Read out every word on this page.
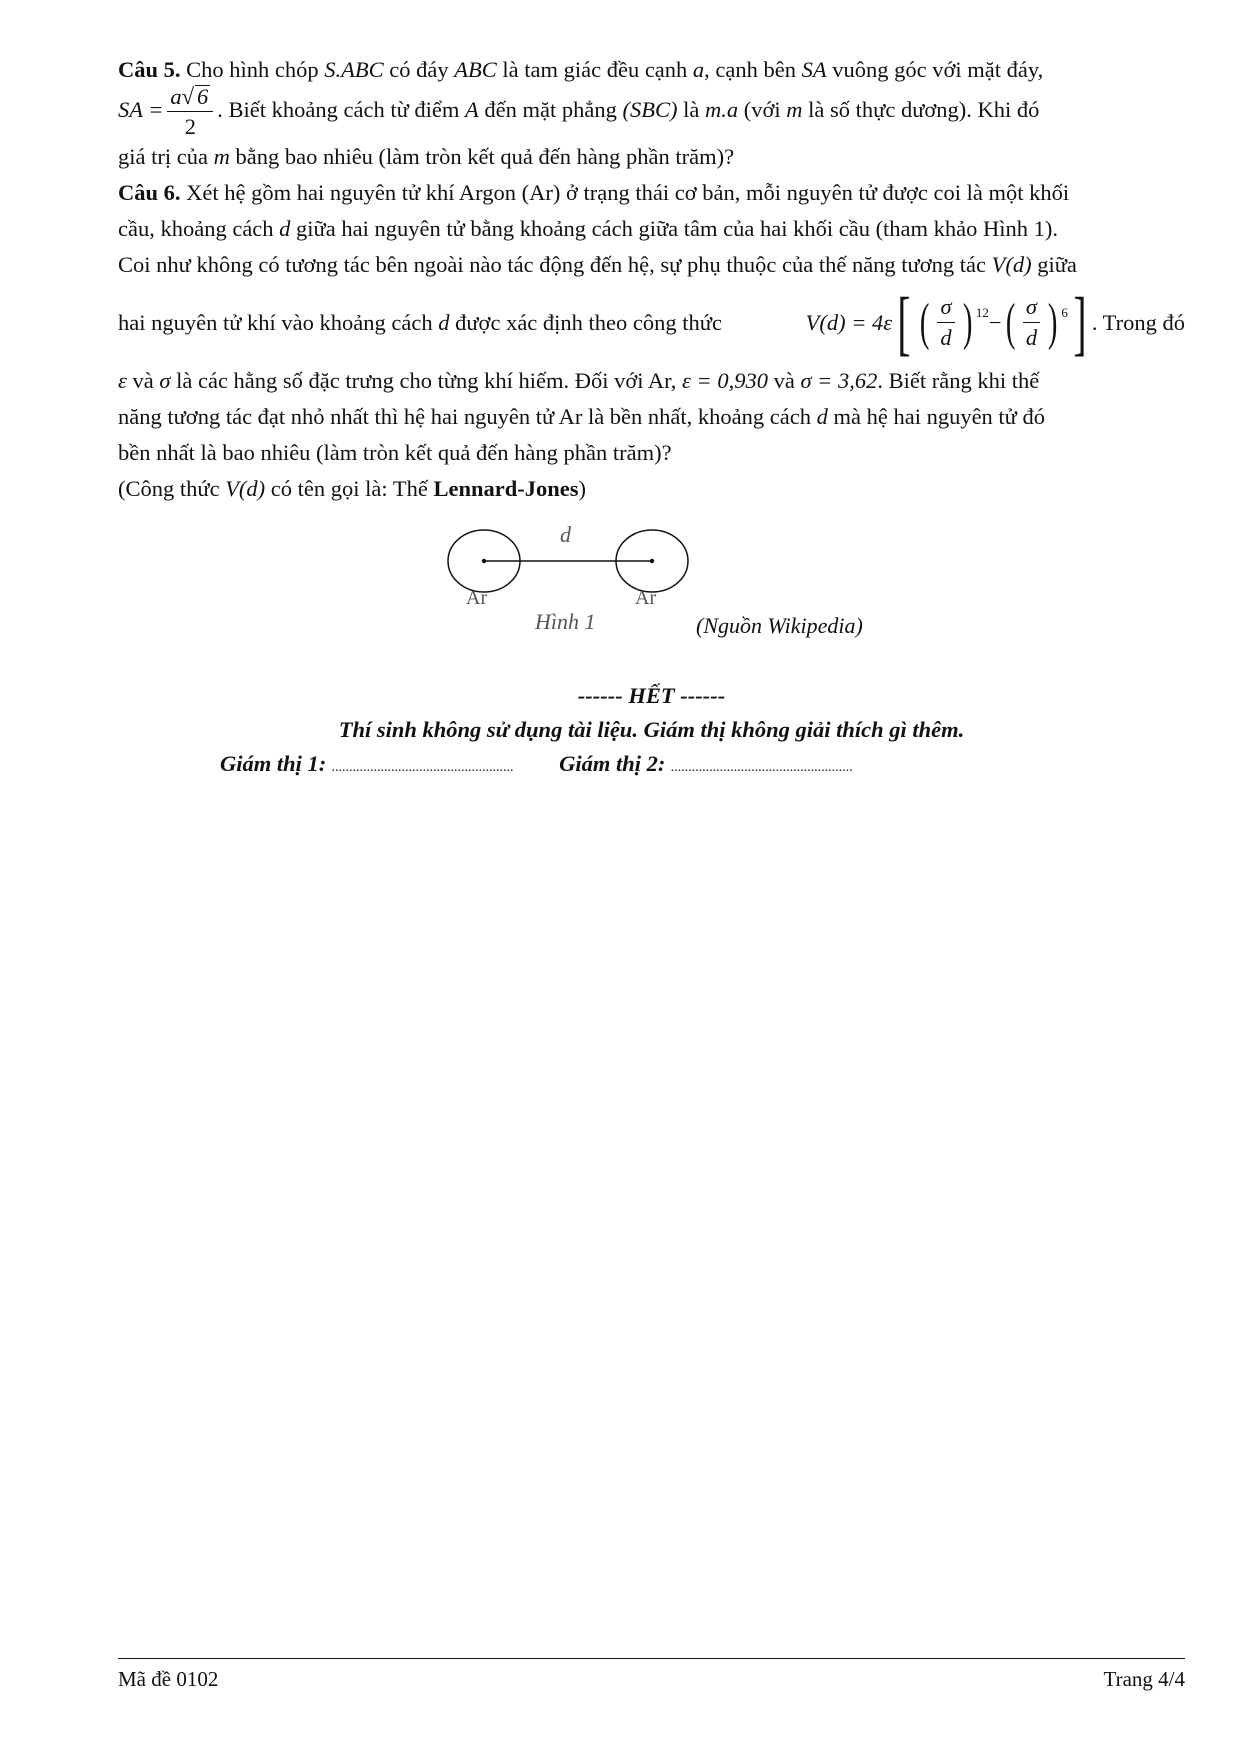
Câu 5. Cho hình chóp S.ABC có đáy ABC là tam giác đều cạnh a, cạnh bên SA vuông góc với mặt đáy,

SA = $\frac{a√ 6}{2}$ . Biết khoảng cách từ điểm A đến mặt phẳng (SBC) là m.a (với m là số thực dương). Khi đó

giá trị của m bằng bao nhiêu (làm tròn kết quả đến hàng phần trăm)?

Câu 6. Xét hệ gồm hai nguyên tử khí Argon (Ar) ở trạng thái cơ bản, mỗi nguyên tử được coi là một khối

cầu, khoảng cách d giữa hai nguyên tử bằng khoảng cách giữa tâm của hai khối cầu (tham khảo Hình 1).

Coi như không có tương tác bên ngoài nào tác động đến hệ, sự phụ thuộc của thế năng tương tác V(d) giữa

hai nguyên tử khí vào khoảng cách d được xác định theo công thức	V(d) = 4ε [ ( $\frac{\sigma}{d}$ ) $^{12}$ − ( $\frac{\sigma}{d}$ ) $^6$ ] . Trong đó

ε và σ là các hằng số đặc trưng cho từng khí hiếm. Đối với Ar, ε = 0,930 và σ = 3,62. Biết rằng khi thế

năng tương tác đạt nhỏ nhất thì hệ hai nguyên tử Ar là bền nhất, khoảng cách d mà hệ hai nguyên tử đó

bền nhất là bao nhiêu (làm tròn kết quả đến hàng phần trăm)?

(Công thức V(d) có tên gọi là: Thế Lennard-Jones)

d
Ar	Ar
Hình 1	(Nguồn Wikipedia)
------ HẾT ------
Thí sinh không sử dụng tài liệu. Giám thị không giải thích gì thêm.
Giám thị 1: .................................................... Giám thị 2: ....................................................
Mã đề 0102	Trang 4/4
